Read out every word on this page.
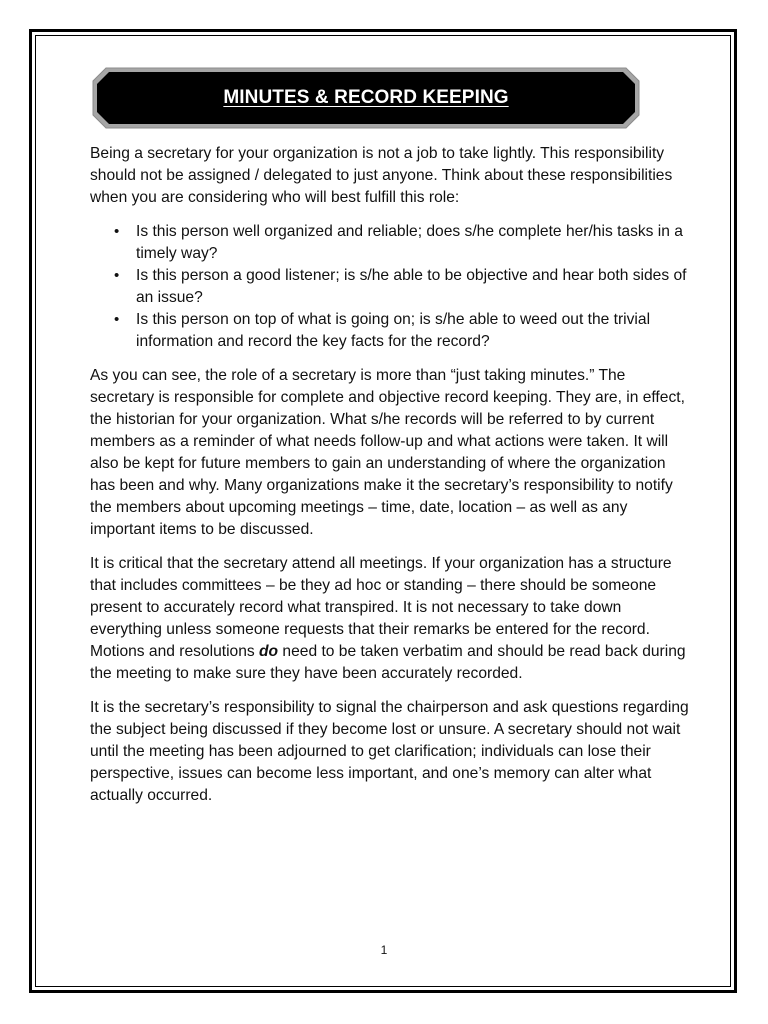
MINUTES & RECORD KEEPING

Being a secretary for your organization is not a job to take lightly. This responsibility should not be assigned / delegated to just anyone. Think about these responsibilities when you are considering who will best fulfill this role:

• Is this person well organized and reliable; does s/he complete her/his tasks in a timely way?
• Is this person a good listener; is s/he able to be objective and hear both sides of an issue?
• Is this person on top of what is going on; is s/he able to weed out the trivial information and record the key facts for the record?

As you can see, the role of a secretary is more than “just taking minutes.” The secretary is responsible for complete and objective record keeping. They are, in effect, the historian for your organization. What s/he records will be referred to by current members as a reminder of what needs follow-up and what actions were taken. It will also be kept for future members to gain an understanding of where the organization has been and why. Many organizations make it the secretary’s responsibility to notify the members about upcoming meetings – time, date, location – as well as any important items to be discussed.

It is critical that the secretary attend all meetings. If your organization has a structure that includes committees – be they ad hoc or standing – there should be someone present to accurately record what transpired. It is not necessary to take down everything unless someone requests that their remarks be entered for the record. Motions and resolutions do need to be taken verbatim and should be read back during the meeting to make sure they have been accurately recorded.

It is the secretary’s responsibility to signal the chairperson and ask questions regarding the subject being discussed if they become lost or unsure. A secretary should not wait until the meeting has been adjourned to get clarification; individuals can lose their perspective, issues can become less important, and one’s memory can alter what actually occurred.

1
